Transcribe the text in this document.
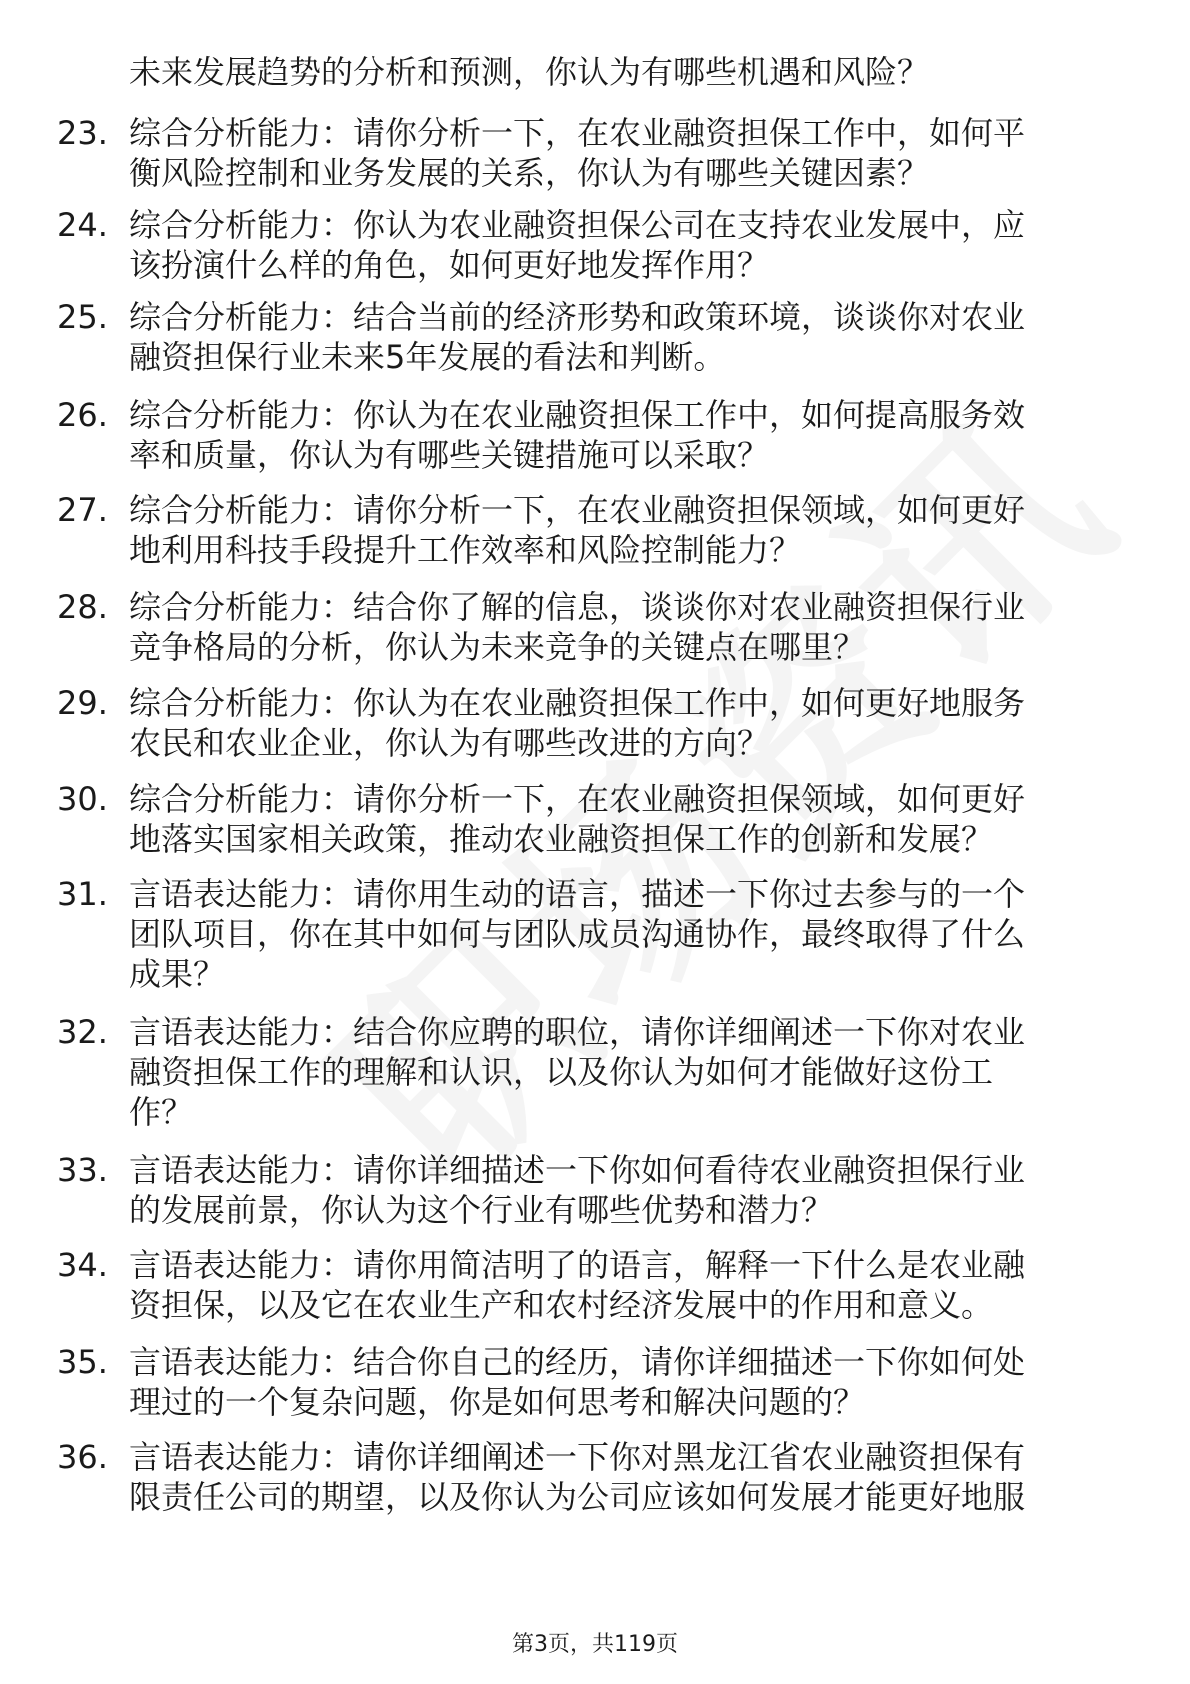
未来发展趋势的分析和预测，你认为有哪些机遇和风险？
23. 综合分析能力：请你分析一下，在农业融资担保工作中，如何平
衡风险控制和业务发展的关系，你认为有哪些关键因素？
24. 综合分析能力：你认为农业融资担保公司在支持农业发展中，应
该扮演什么样的角色，如何更好地发挥作用？
25. 综合分析能力：结合当前的经济形势和政策环境，谈谈你对农业
融资担保行业未来5年发展的看法和判断。
26. 综合分析能力：你认为在农业融资担保工作中，如何提高服务效
率和质量，你认为有哪些关键措施可以采取？
27. 综合分析能力：请你分析一下，在农业融资担保领域，如何更好
地利用科技手段提升工作效率和风险控制能力？
28. 综合分析能力：结合你了解的信息，谈谈你对农业融资担保行业
竞争格局的分析，你认为未来竞争的关键点在哪里？
29. 综合分析能力：你认为在农业融资担保工作中，如何更好地服务
农民和农业企业，你认为有哪些改进的方向？
30. 综合分析能力：请你分析一下，在农业融资担保领域，如何更好
地落实国家相关政策，推动农业融资担保工作的创新和发展？
31. 言语表达能力：请你用生动的语言，描述一下你过去参与的一个
团队项目，你在其中如何与团队成员沟通协作，最终取得了什么
成果？
32. 言语表达能力：结合你应聘的职位，请你详细阐述一下你对农业
融资担保工作的理解和认识，以及你认为如何才能做好这份工
作？
33. 言语表达能力：请你详细描述一下你如何看待农业融资担保行业
的发展前景，你认为这个行业有哪些优势和潜力？
34. 言语表达能力：请你用简洁明了的语言，解释一下什么是农业融
资担保，以及它在农业生产和农村经济发展中的作用和意义。
35. 言语表达能力：结合你自己的经历，请你详细描述一下你如何处
理过的一个复杂问题，你是如何思考和解决问题的？
36. 言语表达能力：请你详细阐述一下你对黑龙江省农业融资担保有
限责任公司的期望，以及你认为公司应该如何发展才能更好地服
第3页，共119页
